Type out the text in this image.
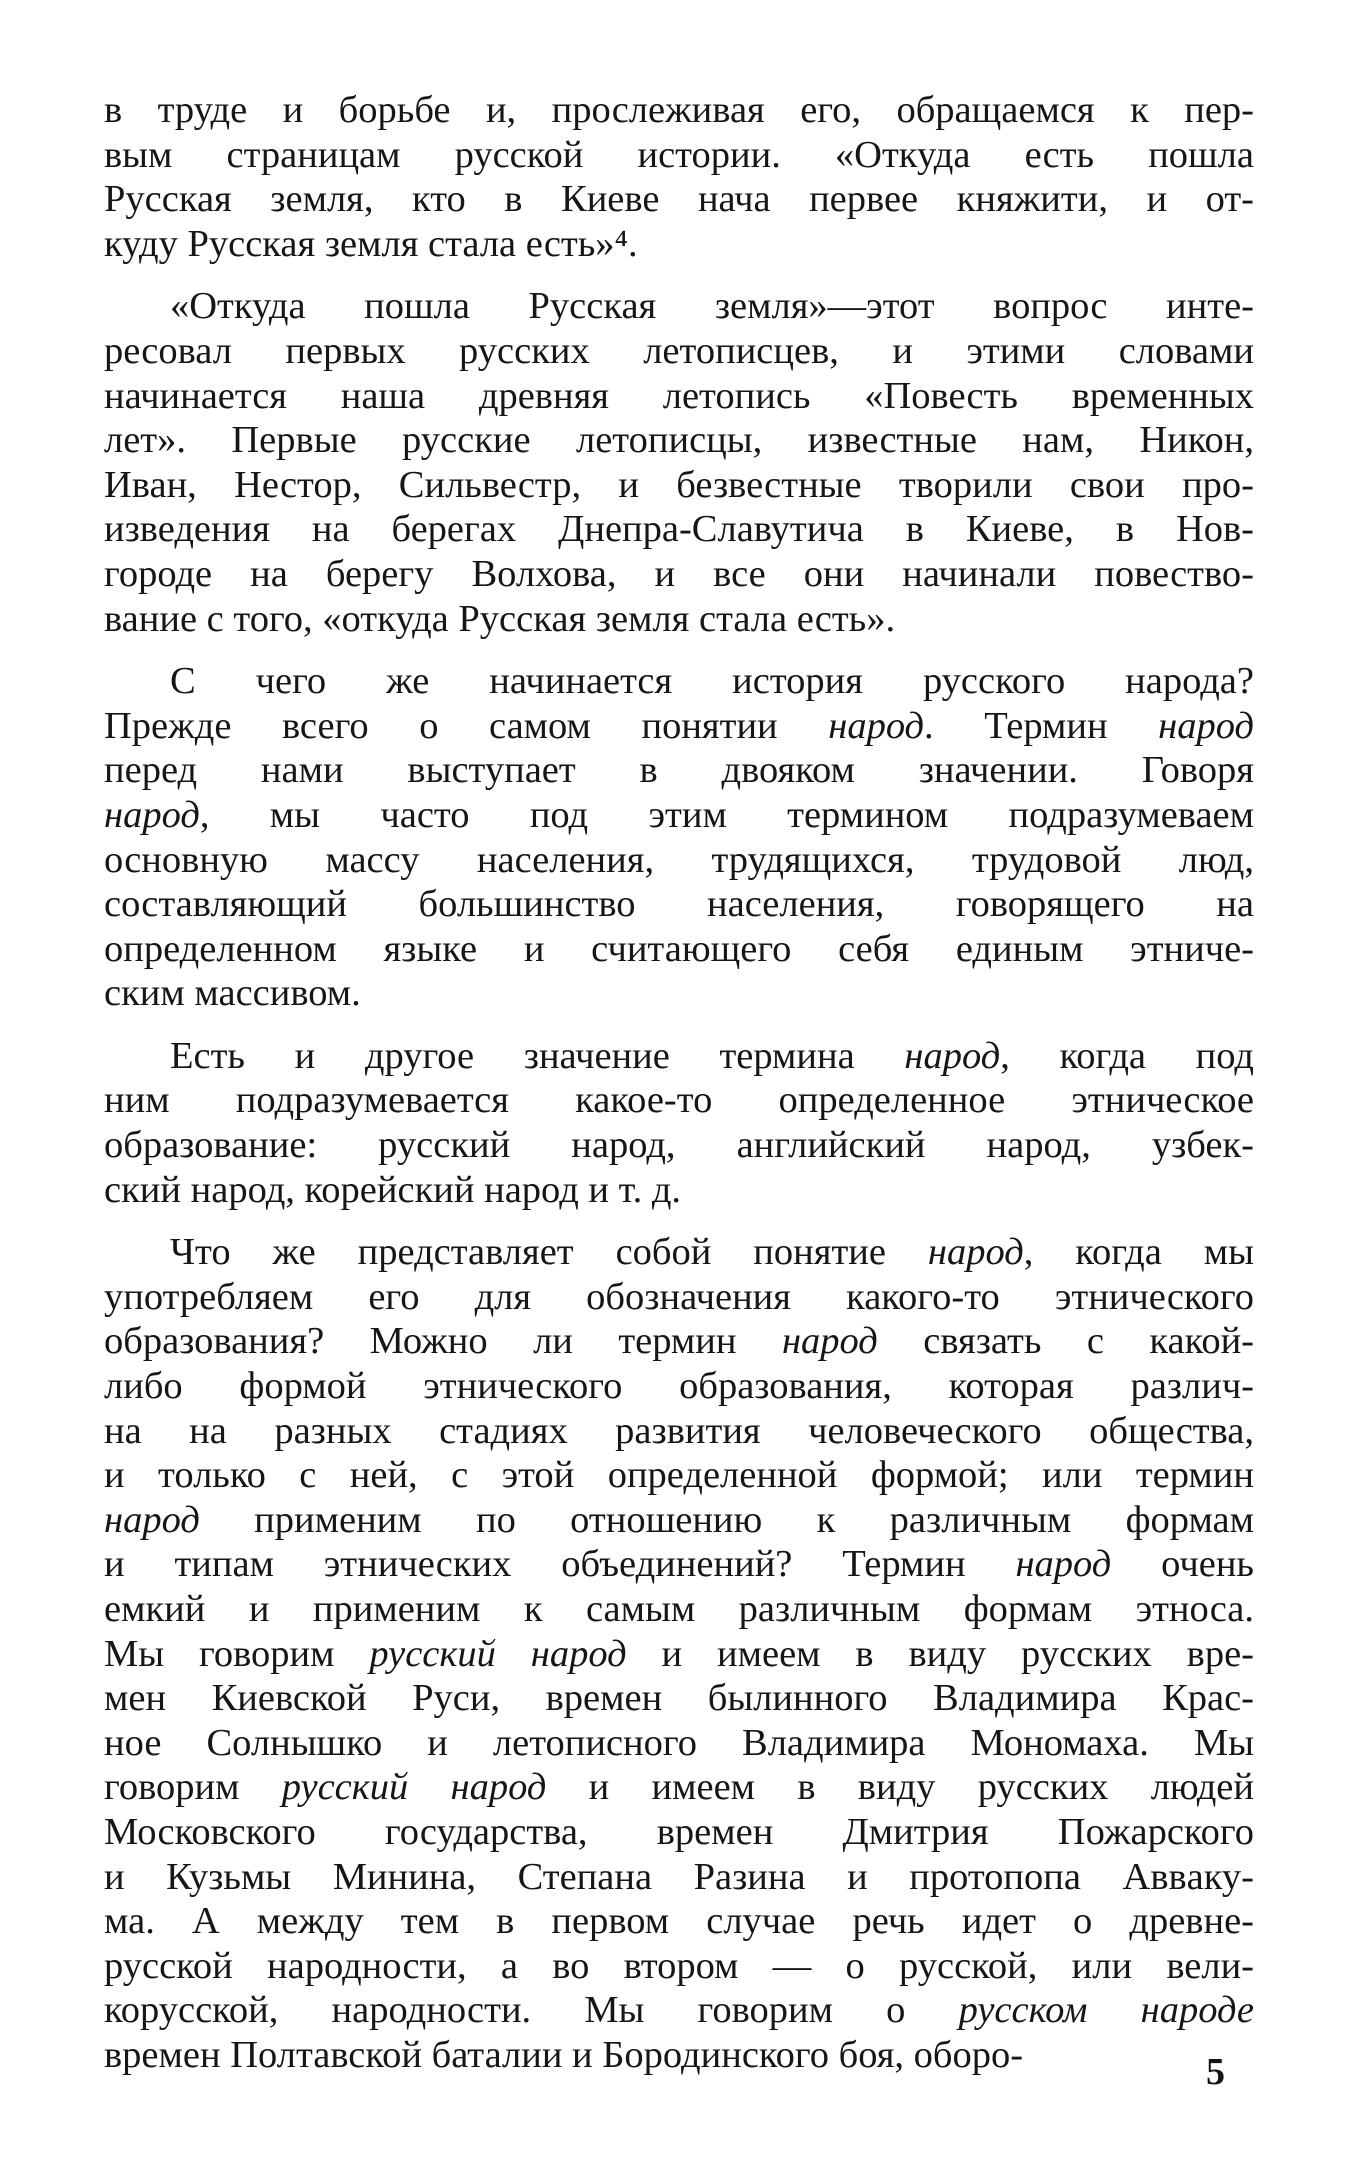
в труде и борьбе и, прослеживая его, обращаемся к пер-
вым страницам русской истории. «Откуда есть пошла
Русская земля, кто в Киеве нача первее княжити, и от-
куду Русская земля стала есть»⁴.
«Откуда пошла Русская земля»—этот вопрос инте-
ресовал первых русских летописцев, и этими словами
начинается наша древняя летопись «Повесть временных
лет». Первые русские летописцы, известные нам, Никон,
Иван, Нестор, Сильвестр, и безвестные творили свои про-
изведения на берегах Днепра-Славутича в Киеве, в Нов-
городе на берегу Волхова, и все они начинали повество-
вание с того, «откуда Русская земля стала есть».
С чего же начинается история русского народа?
Прежде всего о самом понятии народ. Термин народ
перед нами выступает в двояком значении. Говоря
народ, мы часто под этим термином подразумеваем
основную массу населения, трудящихся, трудовой люд,
составляющий большинство населения, говорящего на
определенном языке и считающего себя единым этниче-
ским массивом.
Есть и другое значение термина народ, когда под
ним подразумевается какое-то определенное этническое
образование: русский народ, английский народ, узбек-
ский народ, корейский народ и т. д.
Что же представляет собой понятие народ, когда мы
употребляем его для обозначения какого-то этнического
образования? Можно ли термин народ связать с какой-
либо формой этнического образования, которая различ-
на на разных стадиях развития человеческого общества,
и только с ней, с этой определенной формой; или термин
народ применим по отношению к различным формам
и типам этнических объединений? Термин народ очень
емкий и применим к самым различным формам этноса.
Мы говорим русский народ и имеем в виду русских вре-
мен Киевской Руси, времен былинного Владимира Крас-
ное Солнышко и летописного Владимира Мономаха. Мы
говорим русский народ и имеем в виду русских людей
Московского государства, времен Дмитрия Пожарского
и Кузьмы Минина, Степана Разина и протопопа Аввaку-
ма. А между тем в первом случае речь идет о древне-
русской народности, а во втором — о русской, или вели-
корусской, народности. Мы говорим о русском народе
времен Полтавской баталии и Бородинского боя, оборо-	5
